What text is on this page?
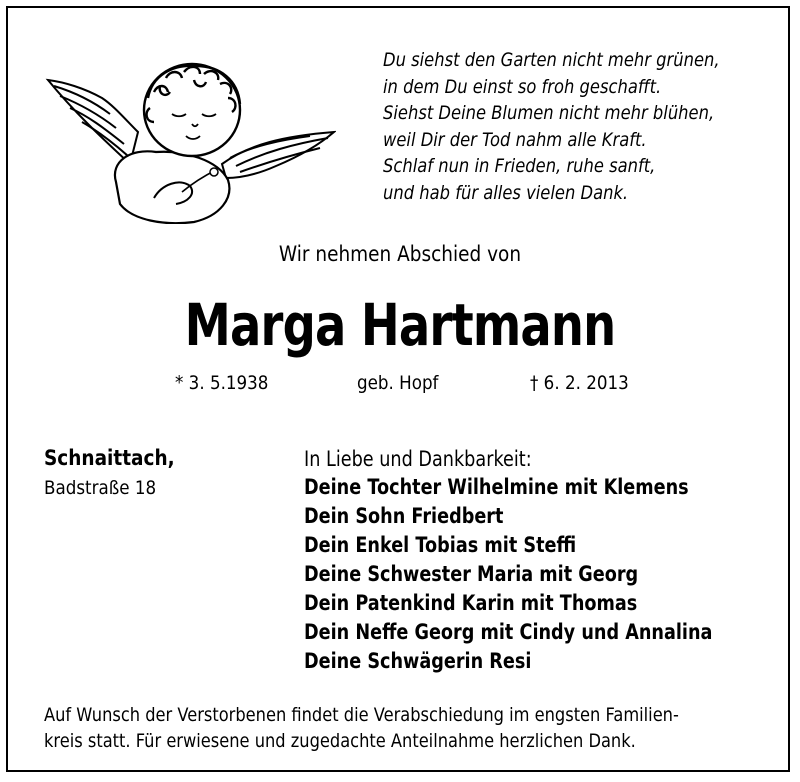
Du siehst den Garten nicht mehr grünen,
in dem Du einst so froh geschafft.
Siehst Deine Blumen nicht mehr blühen,
weil Dir der Tod nahm alle Kraft.
Schlaf nun in Frieden, ruhe sanft,
und hab für alles vielen Dank.
Wir nehmen Abschied von
Marga Hartmann
* 3. 5.1938	geb. Hopf	† 6. 2. 2013
Schnaittach,
Badstraße 18
In Liebe und Dankbarkeit:
Deine Tochter Wilhelmine mit Klemens
Dein Sohn Friedbert
Dein Enkel Tobias mit Steffi
Deine Schwester Maria mit Georg
Dein Patenkind Karin mit Thomas
Dein Neffe Georg mit Cindy und Annalina
Deine Schwägerin Resi
Auf Wunsch der Verstorbenen findet die Verabschiedung im engsten Familien-
kreis statt. Für erwiesene und zugedachte Anteilnahme herzlichen Dank.
